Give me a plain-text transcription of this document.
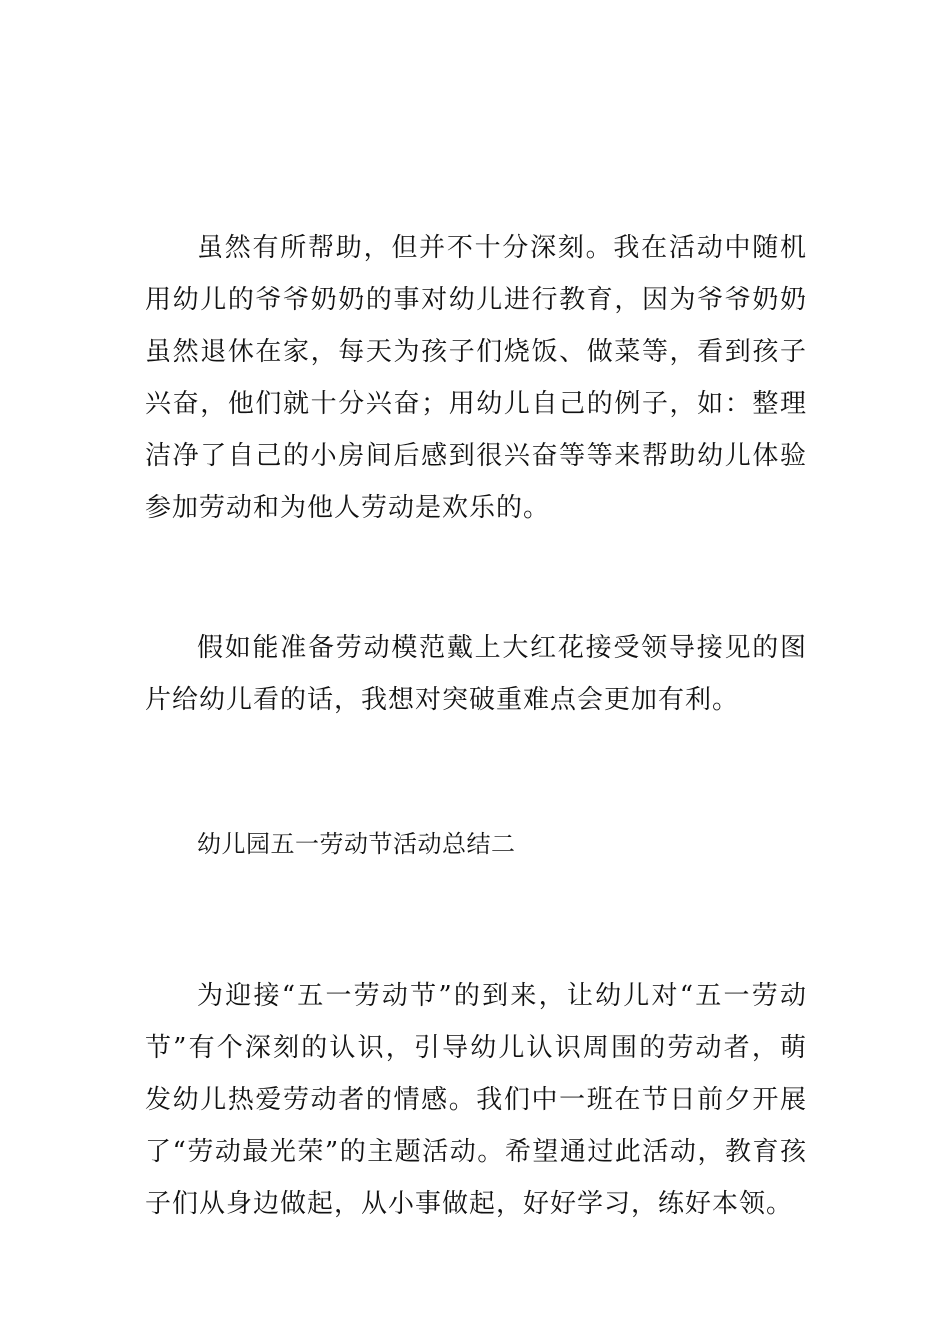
虽然有所帮助，但并不十分深刻。我在活动中随机用幼儿的爷爷奶奶的事对幼儿进行教育，因为爷爷奶奶虽然退休在家，每天为孩子们烧饭、做菜等，看到孩子兴奋，他们就十分兴奋；用幼儿自己的例子，如：整理洁净了自己的小房间后感到很兴奋等等来帮助幼儿体验参加劳动和为他人劳动是欢乐的。

假如能准备劳动模范戴上大红花接受领导接见的图片给幼儿看的话，我想对突破重难点会更加有利。

幼儿园五一劳动节活动总结二

为迎接“五一劳动节”的到来，让幼儿对“五一劳动节”有个深刻的认识，引导幼儿认识周围的劳动者，萌发幼儿热爱劳动者的情感。我们中一班在节日前夕开展了“劳动最光荣”的主题活动。希望通过此活动，教育孩子们从身边做起，从小事做起，好好学习，练好本领。
